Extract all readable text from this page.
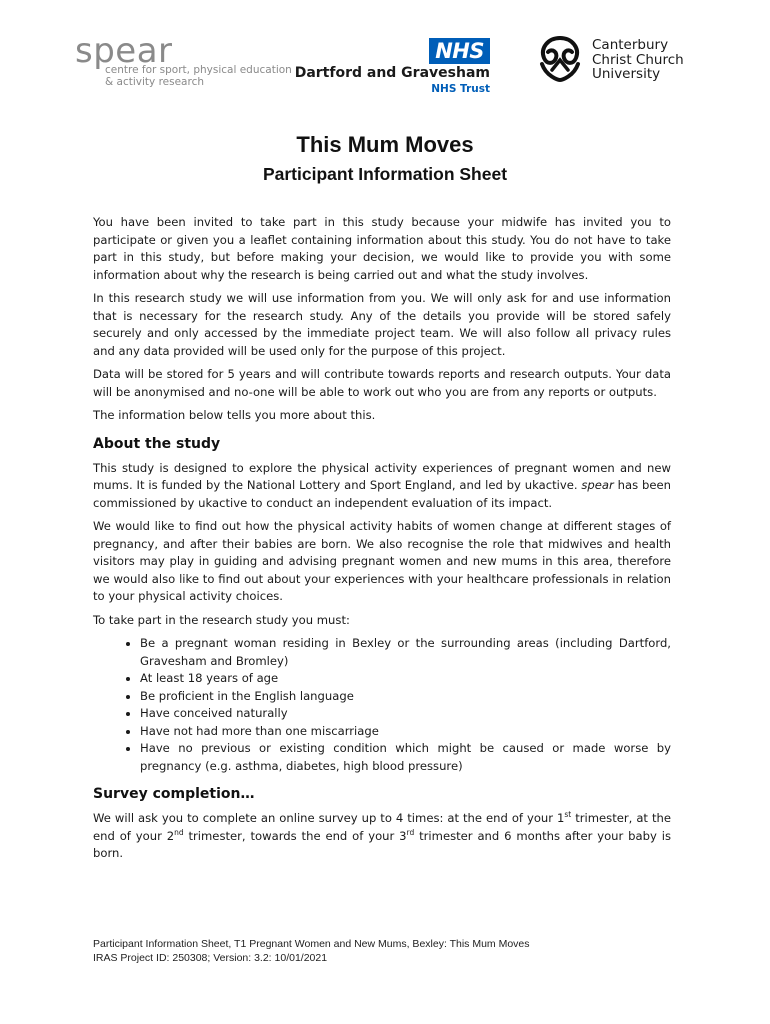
spear
centre for sport, physical education
& activity research
NHS
Dartford and Gravesham
NHS Trust
Canterbury
Christ Church
University
This Mum Moves
Participant Information Sheet

You have been invited to take part in this study because your midwife has invited you to participate or given you a leaflet containing information about this study. You do not have to take part in this study, but before making your decision, we would like to provide you with some information about why the research is being carried out and what the study involves.

In this research study we will use information from you. We will only ask for and use information that is necessary for the research study. Any of the details you provide will be stored safely securely and only accessed by the immediate project team. We will also follow all privacy rules and any data provided will be used only for the purpose of this project.

Data will be stored for 5 years and will contribute towards reports and research outputs. Your data will be anonymised and no-one will be able to work out who you are from any reports or outputs.

The information below tells you more about this.

About the study

This study is designed to explore the physical activity experiences of pregnant women and new mums. It is funded by the National Lottery and Sport England, and led by ukactive. spear has been commissioned by ukactive to conduct an independent evaluation of its impact.

We would like to find out how the physical activity habits of women change at different stages of pregnancy, and after their babies are born. We also recognise the role that midwives and health visitors may play in guiding and advising pregnant women and new mums in this area, therefore we would also like to find out about your experiences with your healthcare professionals in relation to your physical activity choices.

To take part in the research study you must:

• Be a pregnant woman residing in Bexley or the surrounding areas (including Dartford, Gravesham and Bromley)
• At least 18 years of age
• Be proficient in the English language
• Have conceived naturally
• Have not had more than one miscarriage
• Have no previous or existing condition which might be caused or made worse by pregnancy (e.g. asthma, diabetes, high blood pressure)
Survey completion…

We will ask you to complete an online survey up to 4 times: at the end of your 1st trimester, at the end of your 2nd trimester, towards the end of your 3rd trimester and 6 months after your baby is born.

Participant Information Sheet, T1 Pregnant Women and New Mums, Bexley: This Mum Moves
IRAS Project ID: 250308; Version: 3.2: 10/01/2021
